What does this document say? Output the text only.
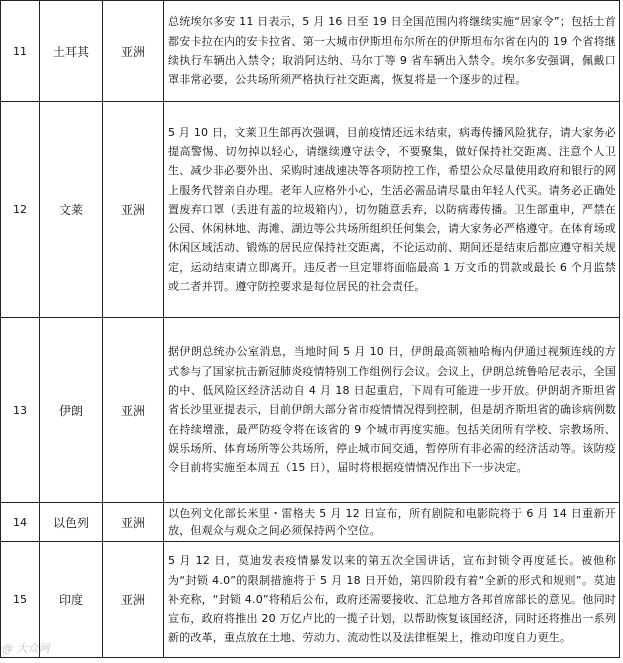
11	土耳其	亚洲	总统埃尔多安 11 日表示，5 月 16 日至 19 日全国范围内将继续实施“居家令”；包括土首都安卡拉在内的安卡拉省、第一大城市伊斯坦布尔所在的伊斯坦布尔省在内的 19 个省将继续执行车辆出入禁令；取消阿达纳、马尔丁等 9 省车辆出入禁令。埃尔多安强调，佩戴口罩非常必要，公共场所须严格执行社交距离，恢复将是一个逐步的过程。
12	文莱	亚洲	5 月 10 日，文莱卫生部再次强调，目前疫情还远未结束，病毒传播风险犹存，请大家务必提高警惕、切勿掉以轻心，请继续遵守法令，不要聚集，做好保持社交距离、注意个人卫生、减少非必要外出、采购时速战速决等各项防控工作，希望公众尽量使用政府和银行的网上服务代替亲自办理。老年人应格外小心，生活必需品请尽量由年轻人代买。请务必正确处置废弃口罩（丢进有盖的垃圾箱内），切勿随意丢弃，以防病毒传播。卫生部重申，严禁在公园、休闲林地、海滩、湖边等公共场所组织任何集会，请大家务必严格遵守。在体育场或休闲区域活动、锻炼的居民应保持社交距离，不论运动前、期间还是结束后都应遵守相关规定，运动结束请立即离开。违反者一旦定罪将面临最高 1 万文币的罚款或最长 6 个月监禁或二者并罚。遵守防控要求是每位居民的社会责任。
13	伊朗	亚洲	据伊朗总统办公室消息，当地时间 5 月 10 日，伊朗最高领袖哈梅内伊通过视频连线的方式参与了国家抗击新冠肺炎疫情特别工作组例行会议。会议上，伊朗总统鲁哈尼表示，全国的中、低风险区经济活动自 4 月 18 日起重启，下周有可能进一步开放。伊朗胡齐斯坦省省长沙里亚提表示，目前伊朗大部分省市疫情情况得到控制，但是胡齐斯坦省的确诊病例数在持续增涨，最严防疫令将在该省的 9 个城市再度实施。包括关闭所有学校、宗教场所、娱乐场所、体育场所等公共场所，停止城市间交通，暂停所有非必需的经济活动等。该防疫令目前将实施至本周五（15 日），届时将根据疫情情况作出下一步决定。
14	以色列	亚洲	以色列文化部长米里・雷格夫 5 月 12 日宣布，所有剧院和电影院将于 6 月 14 日重新开放，但观众与观众之间必须保持两个空位。
15	印度	亚洲	5 月 12 日，莫迪发表疫情暴发以来的第五次全国讲话，宣布封锁令再度延长。被他称为“封锁 4.0”的限制措施将于 5 月 18 日开始，第四阶段有着“全新的形式和规则”。莫迪补充称，“封锁 4.0”将稍后公布，政府还需要接收、汇总地方各邦首席部长的意见。他同时宣布，政府将推出 20 万亿卢比的一揽子计划，以帮助恢复该国经济，同时还将推出一系列新的改革，重点放在土地、劳动力、流动性以及法律框架上，推动印度自力更生。
@ 大众网
